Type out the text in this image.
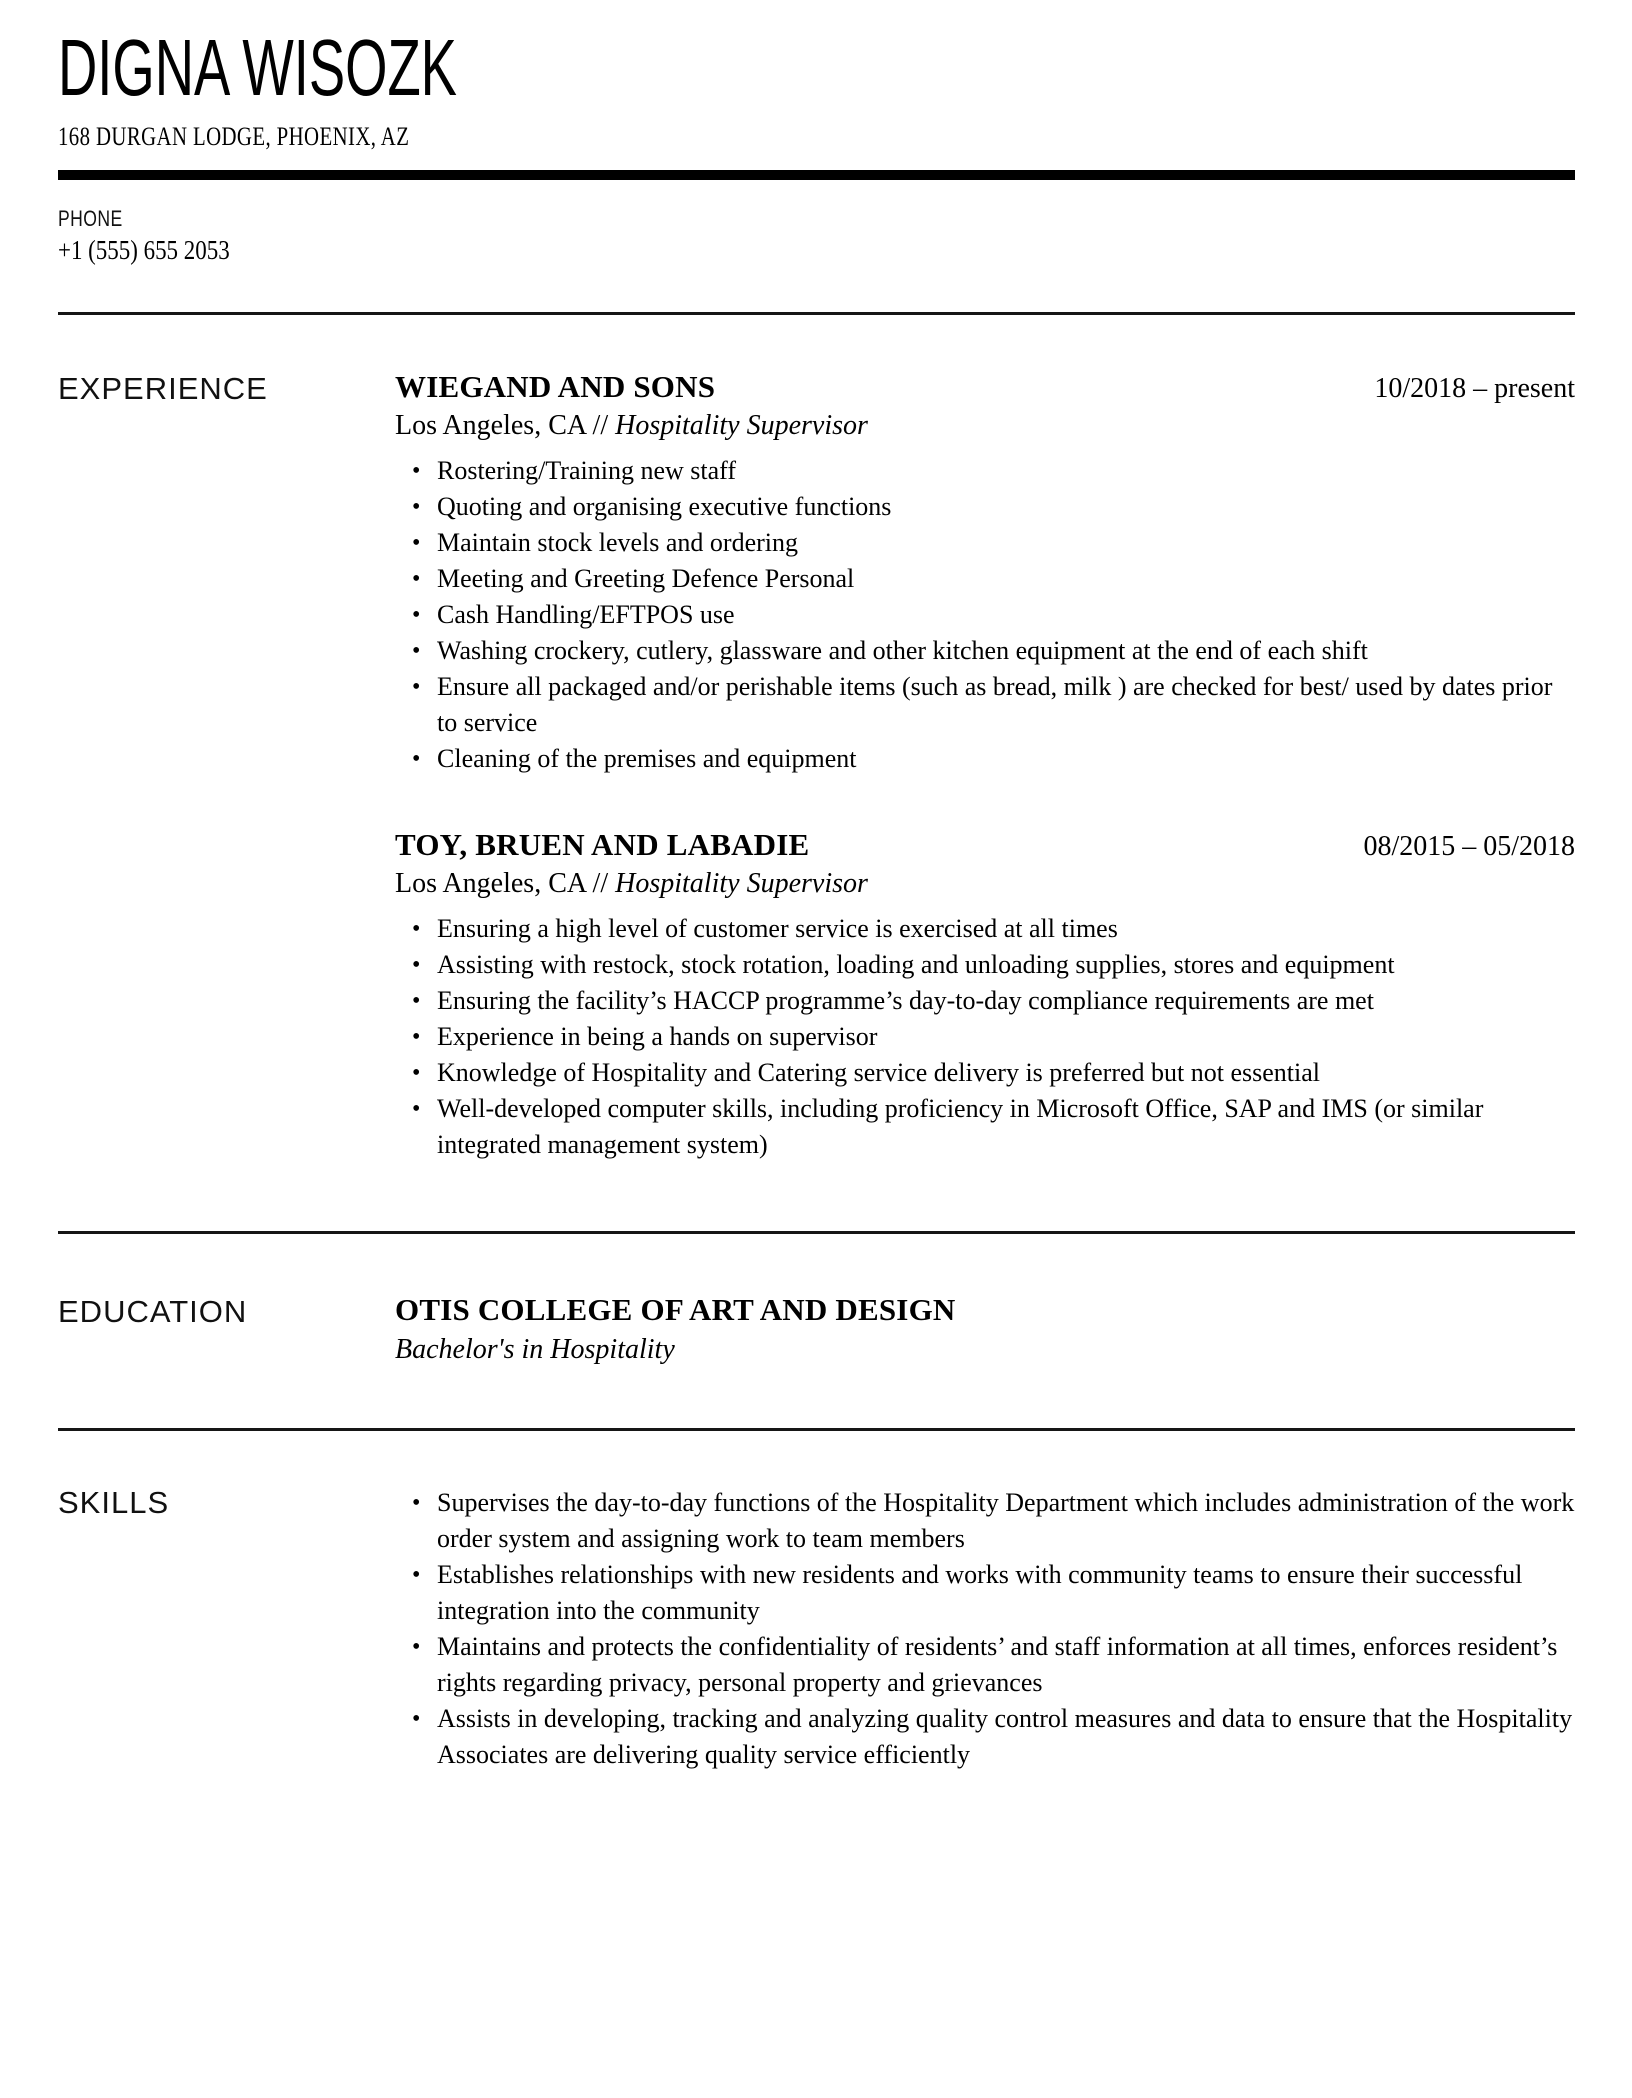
DIGNA WISOZK
168 DURGAN LODGE, PHOENIX, AZ
PHONE
+1 (555) 655 2053
EXPERIENCE	WIEGAND AND SONS	10/2018 – present
Los Angeles, CA // Hospitality Supervisor
• Rostering/Training new staff
• Quoting and organising executive functions
• Maintain stock levels and ordering
• Meeting and Greeting Defence Personal
• Cash Handling/EFTPOS use
• Washing crockery, cutlery, glassware and other kitchen equipment at the end of each shift
• Ensure all packaged and/or perishable items (such as bread, milk ) are checked for best/ used by dates prior to service
• Cleaning of the premises and equipment
TOY, BRUEN AND LABADIE	08/2015 – 05/2018
Los Angeles, CA // Hospitality Supervisor
• Ensuring a high level of customer service is exercised at all times
• Assisting with restock, stock rotation, loading and unloading supplies, stores and equipment
• Ensuring the facility’s HACCP programme’s day-to-day compliance requirements are met
• Experience in being a hands on supervisor
• Knowledge of Hospitality and Catering service delivery is preferred but not essential
• Well-developed computer skills, including proficiency in Microsoft Office, SAP and IMS (or similar integrated management system)
EDUCATION	OTIS COLLEGE OF ART AND DESIGN
Bachelor's in Hospitality
SKILLS	• Supervises the day-to-day functions of the Hospitality Department which includes administration of the work order system and assigning work to team members
• Establishes relationships with new residents and works with community teams to ensure their successful integration into the community
• Maintains and protects the confidentiality of residents’ and staff information at all times, enforces resident’s rights regarding privacy, personal property and grievances
• Assists in developing, tracking and analyzing quality control measures and data to ensure that the Hospitality Associates are delivering quality service efficiently
